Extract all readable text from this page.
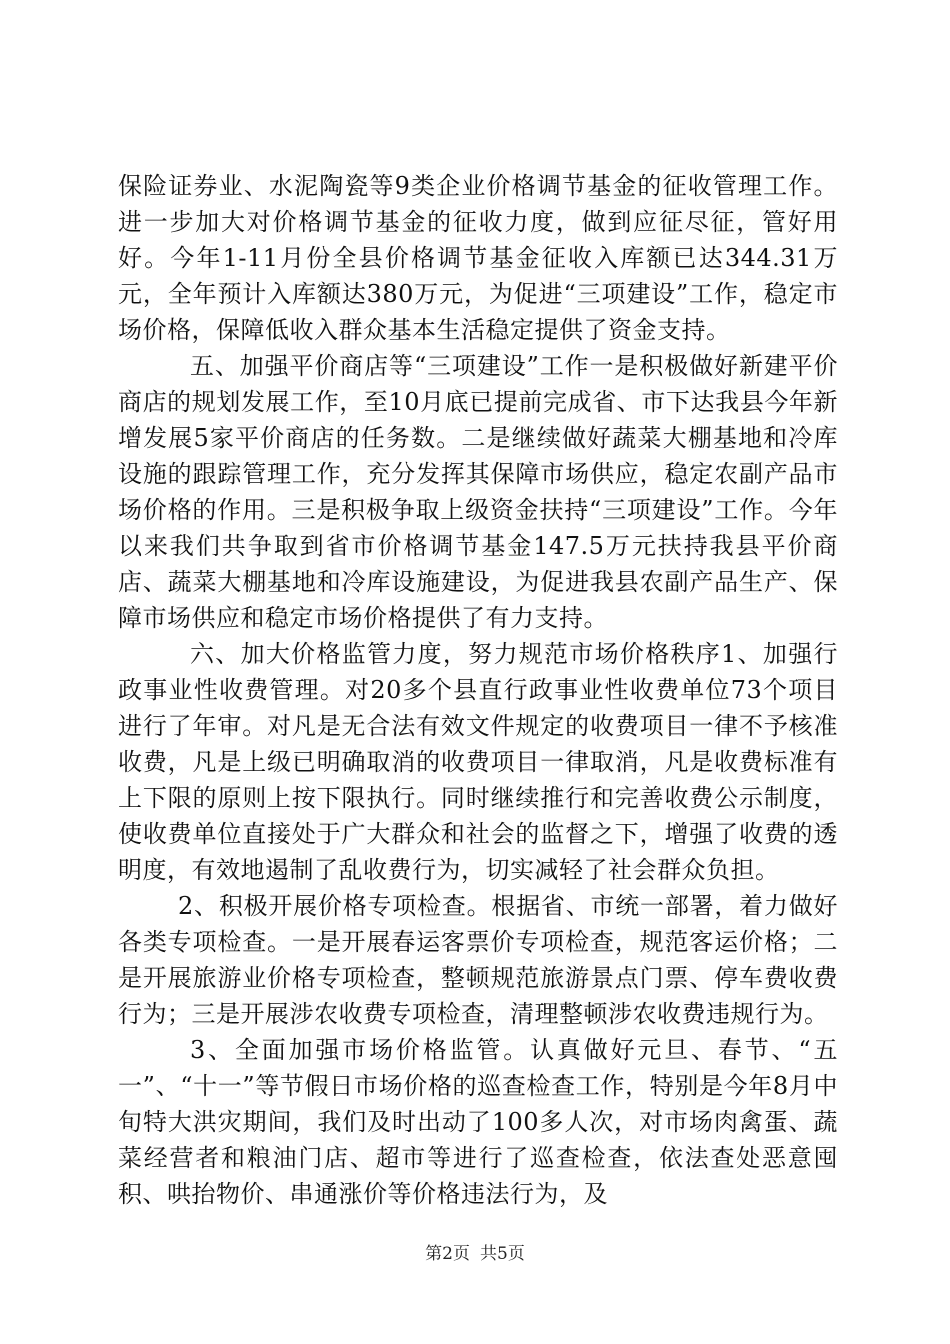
保险证券业、水泥陶瓷等9类企业价格调节基金的征收管理工作。进一步加大对价格调节基金的征收力度，做到应征尽征，管好用好。今年1-11月份全县价格调节基金征收入库额已达344.31万元，全年预计入库额达380万元，为促进“三项建设”工作，稳定市场价格，保障低收入群众基本生活稳定提供了资金支持。

五、加强平价商店等“三项建设”工作一是积极做好新建平价商店的规划发展工作，至10月底已提前完成省、市下达我县今年新增发展5家平价商店的任务数。二是继续做好蔬菜大棚基地和冷库设施的跟踪管理工作，充分发挥其保障市场供应，稳定农副产品市场价格的作用。三是积极争取上级资金扶持“三项建设”工作。今年以来我们共争取到省市价格调节基金147.5万元扶持我县平价商店、蔬菜大棚基地和冷库设施建设，为促进我县农副产品生产、保障市场供应和稳定市场价格提供了有力支持。

六、加大价格监管力度，努力规范市场价格秩序1、加强行政事业性收费管理。对20多个县直行政事业性收费单位73个项目进行了年审。对凡是无合法有效文件规定的收费项目一律不予核准收费，凡是上级已明确取消的收费项目一律取消，凡是收费标准有上下限的原则上按下限执行。同时继续推行和完善收费公示制度，使收费单位直接处于广大群众和社会的监督之下，增强了收费的透明度，有效地遏制了乱收费行为，切实减轻了社会群众负担。

2、积极开展价格专项检查。根据省、市统一部署，着力做好各类专项检查。一是开展春运客票价专项检查，规范客运价格；二是开展旅游业价格专项检查，整顿规范旅游景点门票、停车费收费行为；三是开展涉农收费专项检查，清理整顿涉农收费违规行为。

3、全面加强市场价格监管。认真做好元旦、春节、“五一”、“十一”等节假日市场价格的巡查检查工作，特别是今年8月中旬特大洪灾期间，我们及时出动了100多人次，对市场肉禽蛋、蔬菜经营者和粮油门店、超市等进行了巡查检查，依法查处恶意囤积、哄抬物价、串通涨价等价格违法行为，及

第2页 共5页
